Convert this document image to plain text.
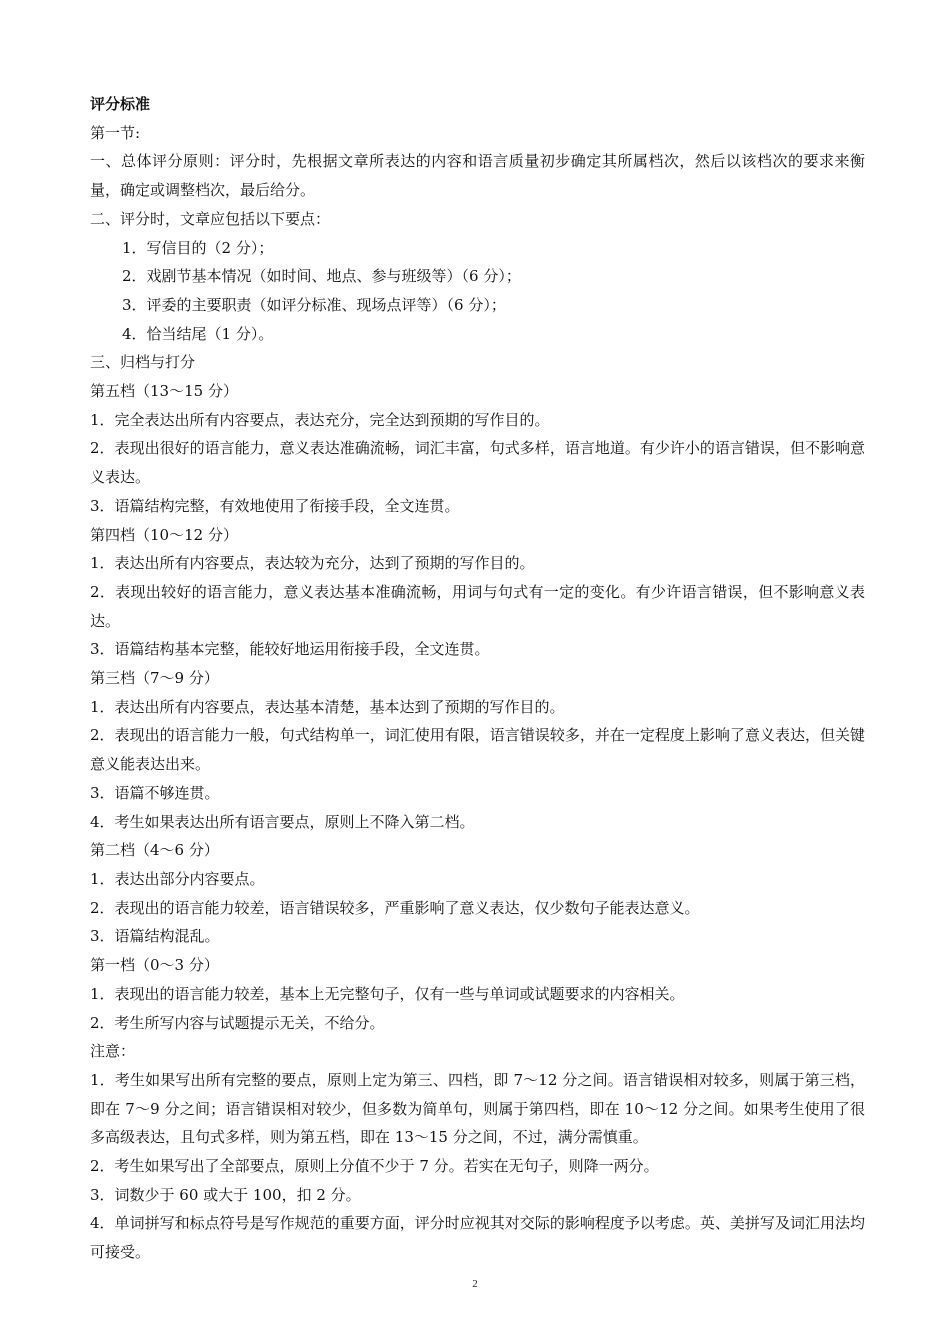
评分标准
第一节:
一、总体评分原则：评分时，先根据文章所表达的内容和语言质量初步确定其所属档次，然后以该档次的要求来衡量，确定或调整档次，最后给分。
二、评分时，文章应包括以下要点：
1．写信目的（2 分）；
2．戏剧节基本情况（如时间、地点、参与班级等）（6 分）；
3．评委的主要职责（如评分标准、现场点评等）（6 分）；
4．恰当结尾（1 分）。
三、归档与打分
第五档（13～15 分）
1．完全表达出所有内容要点，表达充分，完全达到预期的写作目的。
2．表现出很好的语言能力，意义表达准确流畅，词汇丰富，句式多样，语言地道。有少许小的语言错误，但不影响意义表达。
3．语篇结构完整，有效地使用了衔接手段，全文连贯。
第四档（10～12 分）
1．表达出所有内容要点，表达较为充分，达到了预期的写作目的。
2．表现出较好的语言能力，意义表达基本准确流畅，用词与句式有一定的变化。有少许语言错误，但不影响意义表达。
3．语篇结构基本完整，能较好地运用衔接手段，全文连贯。
第三档（7～9 分）
1．表达出所有内容要点，表达基本清楚，基本达到了预期的写作目的。
2．表现出的语言能力一般，句式结构单一，词汇使用有限，语言错误较多，并在一定程度上影响了意义表达，但关键意义能表达出来。
3．语篇不够连贯。
4．考生如果表达出所有语言要点，原则上不降入第二档。
第二档（4～6 分）
1．表达出部分内容要点。
2．表现出的语言能力较差，语言错误较多，严重影响了意义表达，仅少数句子能表达意义。
3．语篇结构混乱。
第一档（0～3 分）
1．表现出的语言能力较差，基本上无完整句子，仅有一些与单词或试题要求的内容相关。
2．考生所写内容与试题提示无关，不给分。
注意：
1．考生如果写出所有完整的要点，原则上定为第三、四档，即 7～12 分之间。语言错误相对较多，则属于第三档，即在 7～9 分之间；语言错误相对较少，但多数为简单句，则属于第四档，即在 10～12 分之间。如果考生使用了很多高级表达，且句式多样，则为第五档，即在 13～15 分之间，不过，满分需慎重。
2．考生如果写出了全部要点，原则上分值不少于 7 分。若实在无句子，则降一两分。
3．词数少于 60 或大于 100，扣 2 分。
4．单词拼写和标点符号是写作规范的重要方面，评分时应视其对交际的影响程度予以考虑。英、美拼写及词汇用法均可接受。
2
